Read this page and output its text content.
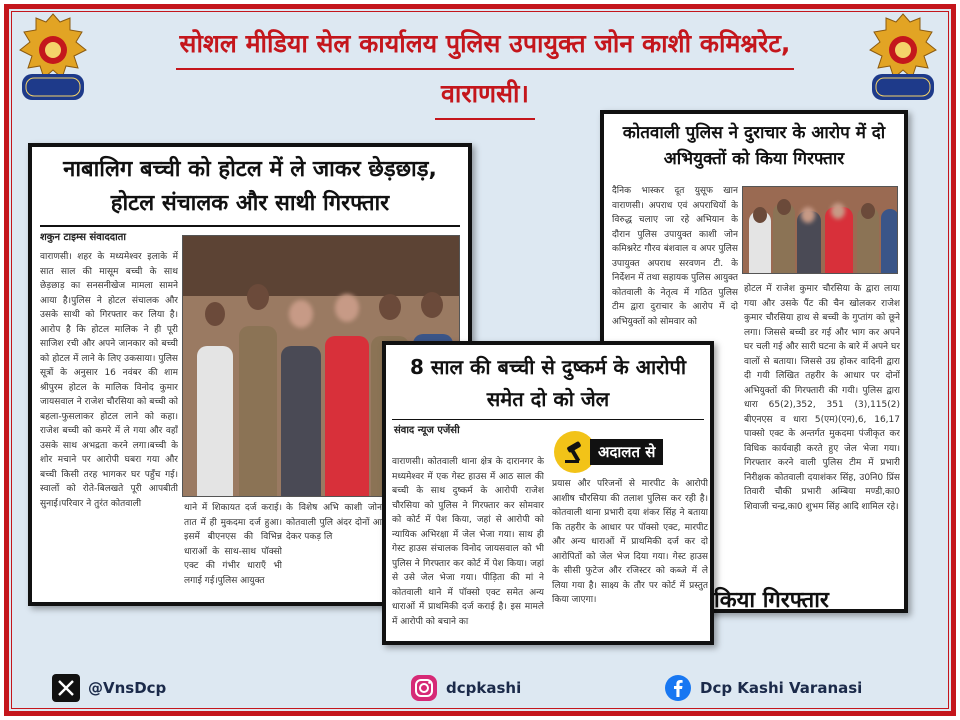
सोशल मीडिया सेल कार्यालय पुलिस उपायुक्त जोन काशी कमिश्नरेट,
वाराणसी।
नाबालिग बच्ची को होटल में ले जाकर छेड़छाड़, होटल संचालक और साथी गिरफ्तार
शकुन टाइम्स संवाददाता
वाराणसी। शहर के मध्यमेश्वर इलाके में सात साल की मासूम बच्ची के साथ छेड़छाड़ का सनसनीखेज मामला सामने आया है।पुलिस ने होटल संचालक और उसके साथी को गिरफ्तार कर लिया है।आरोप है कि होटल मालिक ने ही पूरी साजिश रची और अपने जानकार को बच्ची को होटल में लाने के लिए उकसाया। पुलिस सूत्रों के अनुसार 16 नवंबर की शाम श्रीपुरम होटल के मालिक विनोद कुमार जायसवाल ने राजेश चौरसिया को बच्ची को बहला-फुसलाकर होटल लाने को कहा।राजेश बच्ची को कमरे में ले गया और वहाँ उसके साथ अभद्रता करने लगा।बच्ची के शोर मचाने पर आरोपी घबरा गया और बच्ची किसी तरह भागकर घर पहुँच गई।स्वालों को रोते-बिलखते पूरी आपबीती सुनाई।परिवार ने तुरंत कोतवाली	थाने में शिकायत दर्ज कराई।तात में ही मुकदमा दर्ज हुआ।इसमें बीएनएस की विभिन्न धाराओं के साथ-साथ पॉक्सो एक्ट की गंभीर धाराएँ भी लगाई गई।पुलिस आयुक्त
के विशेष अभि काशी जोन कोतवाली पुलि अंदर दोनों आ देकर पकड़ लि
कोतवाली पुलिस ने दुराचार के आरोप में दो अभियुक्तों को किया गिरफ्तार
दैनिक भास्कर दूत युसूफ खान वाराणसी। अपराध एवं अपराधियों के विरुद्ध चलाए जा रहे अभियान के दौरान पुलिस उपायुक्त काशी जोन कमिश्नरेट गौरव बंशवाल व अपर पुलिस उपायुक्त अपराध सरवणन टी. के निर्देशन में तथा सहायक पुलिस आयुक्त कोतवाली के नेतृत्व में गठित पुलिस टीम द्वारा दुराचार के आरोप में दो अभियुक्तों को सोमवार को
होटल में राजेश कुमार चौरसिया के द्वारा लाया गया और उसके पैंट की चैन खोलकर राजेश कुमार चौरसिया हाथ से बच्ची के गुप्तांग को छूने लगा। जिससे बच्ची डर गई और भाग कर अपने घर चली गई और सारी घटना के बारे में अपने घर वालों से बताया। जिससे उग्र होकर वादिनी द्वारा दी गयी लिखित तहरीर के आधार पर दोनों अभियुक्तों की गिरफ्तारी की गयी। पुलिस द्वारा धारा 65(2),352, 351 (3),115(2) बीएनएस व धारा 5(एम)(एन),6, 16,17 पाक्सो एक्ट के अन्तर्गत मुकदमा पंजीकृत कर विधिक कार्यवाही करते हुए जेल भेजा गया। गिरफ्तार करने वाली पुलिस टीम में प्रभारी निरीक्षक कोतवाली दयाशंकर सिंह, उ0नि0 प्रिंस तिवारी चौकी प्रभारी अम्बिया मण्डी,का0 शिवाजी चन्द्र,का0 शुभम सिंह आदि शामिल रहे।
किया गिरफ्तार
8 साल की बच्ची से दुष्कर्म के आरोपी समेत दो को जेल
संवाद न्यूज एजेंसी
अदालत से
वाराणसी। कोतवाली थाना क्षेत्र के दारानगर के मध्यमेश्वर में एक गेस्ट हाउस में आठ साल की बच्ची के साथ दुष्कर्म के आरोपी राजेश चौरसिया को पुलिस ने गिरफ्तार कर सोमवार को कोर्ट में पेश किया, जहां से आरोपी को न्यायिक अभिरक्षा में जेल भेजा गया। साथ ही गेस्ट हाउस संचालक विनोद जायसवाल को भी पुलिस ने गिरफ्तार कर कोर्ट में पेश किया। जहां से उसे जेल भेजा गया। पीड़िता की मां ने कोतवाली थाने में पॉक्सो एक्ट समेत अन्य धाराओं में प्राथमिकी दर्ज कराई है। इस मामले में आरोपी को बचाने का
प्रयास और परिजनों से मारपीट के आरोपी आशीष चौरसिया की तलाश पुलिस कर रही है। कोतवाली थाना प्रभारी दया शंकर सिंह ने बताया कि तहरीर के आधार पर पॉक्सो एक्ट, मारपीट और अन्य धाराओं में प्राथमिकी दर्ज कर दो आरोपितों को जेल भेज दिया गया। गेस्ट हाउस के सीसी फुटेज और रजिस्टर को कब्जे में ले लिया गया है। साक्ष्य के तौर पर कोर्ट में प्रस्तुत किया जाएगा।
@VnsDcp	dcpkashi	Dcp Kashi Varanasi
